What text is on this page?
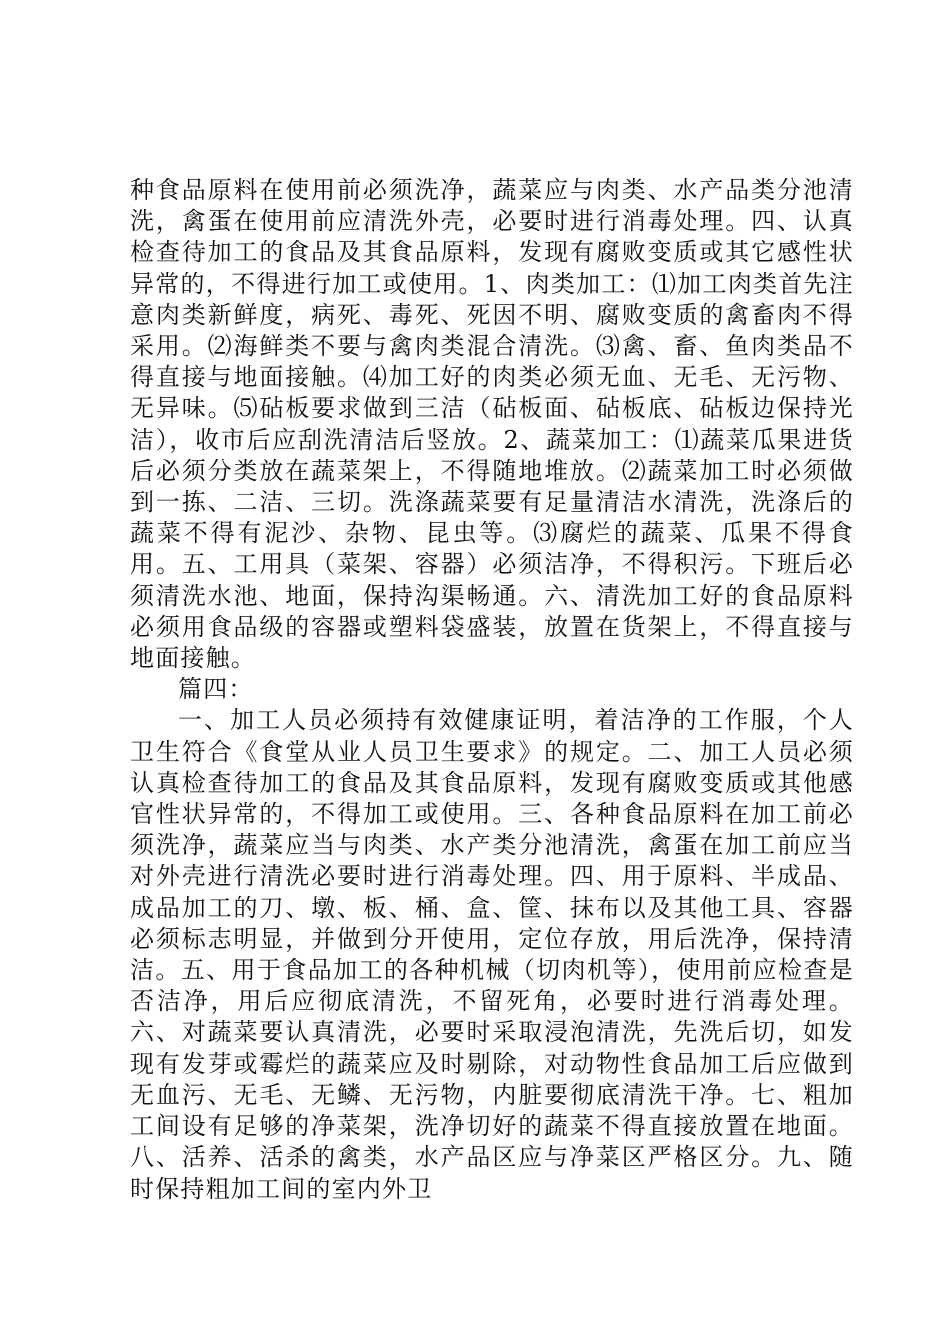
种食品原料在使用前必须洗净，蔬菜应与肉类、水产品类分池清洗，禽蛋在使用前应清洗外壳，必要时进行消毒处理。四、认真检查待加工的食品及其食品原料，发现有腐败变质或其它感性状异常的，不得进行加工或使用。1、肉类加工：⑴加工肉类首先注意肉类新鲜度，病死、毒死、死因不明、腐败变质的禽畜肉不得采用。⑵海鲜类不要与禽肉类混合清洗。⑶禽、畜、鱼肉类品不得直接与地面接触。⑷加工好的肉类必须无血、无毛、无污物、无异味。⑸砧板要求做到三洁（砧板面、砧板底、砧板边保持光洁），收市后应刮洗清洁后竖放。2、蔬菜加工：⑴蔬菜瓜果进货后必须分类放在蔬菜架上，不得随地堆放。⑵蔬菜加工时必须做到一拣、二洁、三切。洗涤蔬菜要有足量清洁水清洗，洗涤后的蔬菜不得有泥沙、杂物、昆虫等。⑶腐烂的蔬菜、瓜果不得食用。五、工用具（菜架、容器）必须洁净，不得积污。下班后必须清洗水池、地面，保持沟渠畅通。六、清洗加工好的食品原料必须用食品级的容器或塑料袋盛装，放置在货架上，不得直接与地面接触。

篇四：

一、加工人员必须持有效健康证明，着洁净的工作服，个人卫生符合《食堂从业人员卫生要求》的规定。二、加工人员必须认真检查待加工的食品及其食品原料，发现有腐败变质或其他感官性状异常的，不得加工或使用。三、各种食品原料在加工前必须洗净，蔬菜应当与肉类、水产类分池清洗，禽蛋在加工前应当对外壳进行清洗必要时进行消毒处理。四、用于原料、半成品、成品加工的刀、墩、板、桶、盒、筐、抹布以及其他工具、容器必须标志明显，并做到分开使用，定位存放，用后洗净，保持清洁。五、用于食品加工的各种机械（切肉机等），使用前应检查是否洁净，用后应彻底清洗，不留死角，必要时进行消毒处理。六、对蔬菜要认真清洗，必要时采取浸泡清洗，先洗后切，如发现有发芽或霉烂的蔬菜应及时剔除，对动物性食品加工后应做到无血污、无毛、无鳞、无污物，内脏要彻底清洗干净。七、粗加工间设有足够的净菜架，洗净切好的蔬菜不得直接放置在地面。八、活养、活杀的禽类，水产品区应与净菜区严格区分。九、随时保持粗加工间的室内外卫
